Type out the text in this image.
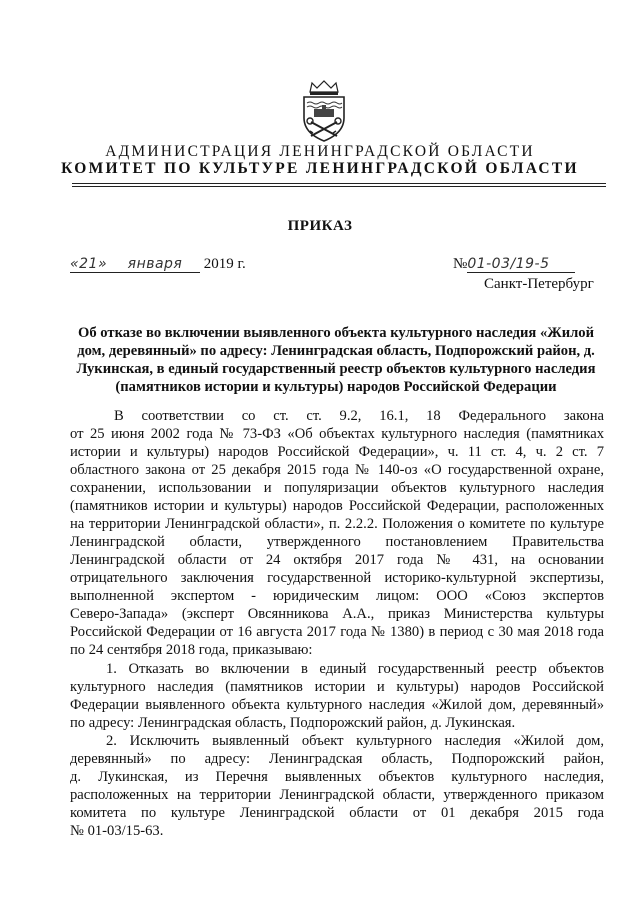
АДМИНИСТРАЦИЯ ЛЕНИНГРАДСКОЙ ОБЛАСТИ
КОМИТЕТ ПО КУЛЬТУРЕ ЛЕНИНГРАДСКОЙ ОБЛАСТИ
ПРИКАЗ
«21» января 2019 г.	№01-03/19-5
Санкт-Петербург
Об отказе во включении выявленного объекта культурного наследия «Жилой дом, деревянный» по адресу: Ленинградская область, Подпорожский район, д. Лукинская, в единый государственный реестр объектов культурного наследия (памятников истории и культуры) народов Российской Федерации
В соответствии со ст. ст. 9.2, 16.1, 18 Федерального закона
от 25 июня 2002 года № 73-ФЗ «Об объектах культурного наследия (памятниках
истории и культуры) народов Российской Федерации», ч. 11 ст. 4, ч. 2 ст. 7
областного закона от 25 декабря 2015 года № 140-оз «О государственной охране,
сохранении, использовании и популяризации объектов культурного наследия
(памятников истории и культуры) народов Российской Федерации, расположенных
на территории Ленинградской области», п. 2.2.2. Положения о комитете по культуре
Ленинградской области, утвержденного постановлением Правительства
Ленинградской области от 24 октября 2017 года № 431, на основании
отрицательного заключения государственной историко-культурной экспертизы,
выполненной экспертом - юридическим лицом: ООО «Союз экспертов
Северо-Запада» (эксперт Овсянникова А.А., приказ Министерства культуры
Российской Федерации от 16 августа 2017 года № 1380) в период с 30 мая 2018 года
по 24 сентября 2018 года, приказываю:
1. Отказать во включении в единый государственный реестр объектов
культурного наследия (памятников истории и культуры) народов Российской
Федерации выявленного объекта культурного наследия «Жилой дом, деревянный»
по адресу: Ленинградская область, Подпорожский район, д. Лукинская.
2. Исключить выявленный объект культурного наследия «Жилой дом,
деревянный» по адресу: Ленинградская область, Подпорожский район,
д. Лукинская, из Перечня выявленных объектов культурного наследия,
расположенных на территории Ленинградской области, утвержденного приказом
комитета по культуре Ленинградской области от 01 декабря 2015 года
№ 01-03/15-63.
